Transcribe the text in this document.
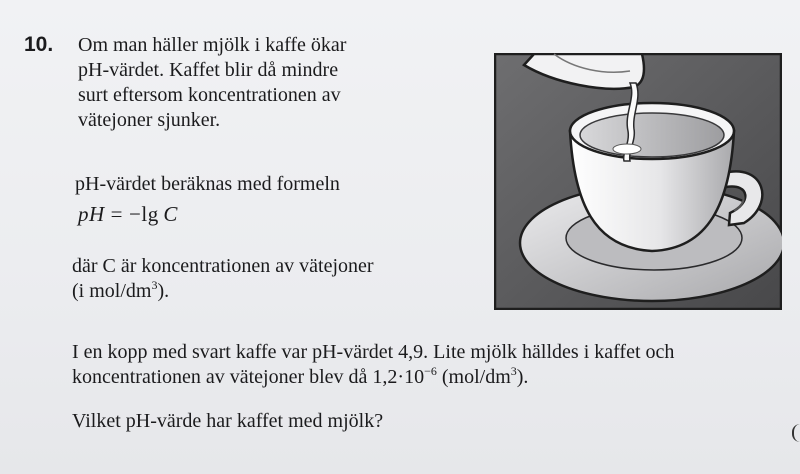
10. Om man häller mjölk i kaffe ökar
pH-värdet. Kaffet blir då mindre
surt eftersom koncentrationen av
vätejoner sjunker.
pH-värdet beräknas med formeln
pH = −lg  C
där C är koncentrationen av vätejoner
(i mol/$dm^3$).
I en kopp med svart kaffe var pH-värdet 4,9. Lite mjölk hälldes i kaffet och
koncentrationen av vätejoner blev då $1,2\cdot 10^{-6}$ $(mol/dm^3)$.
Vilket pH-värde har kaffet med mjölk?
